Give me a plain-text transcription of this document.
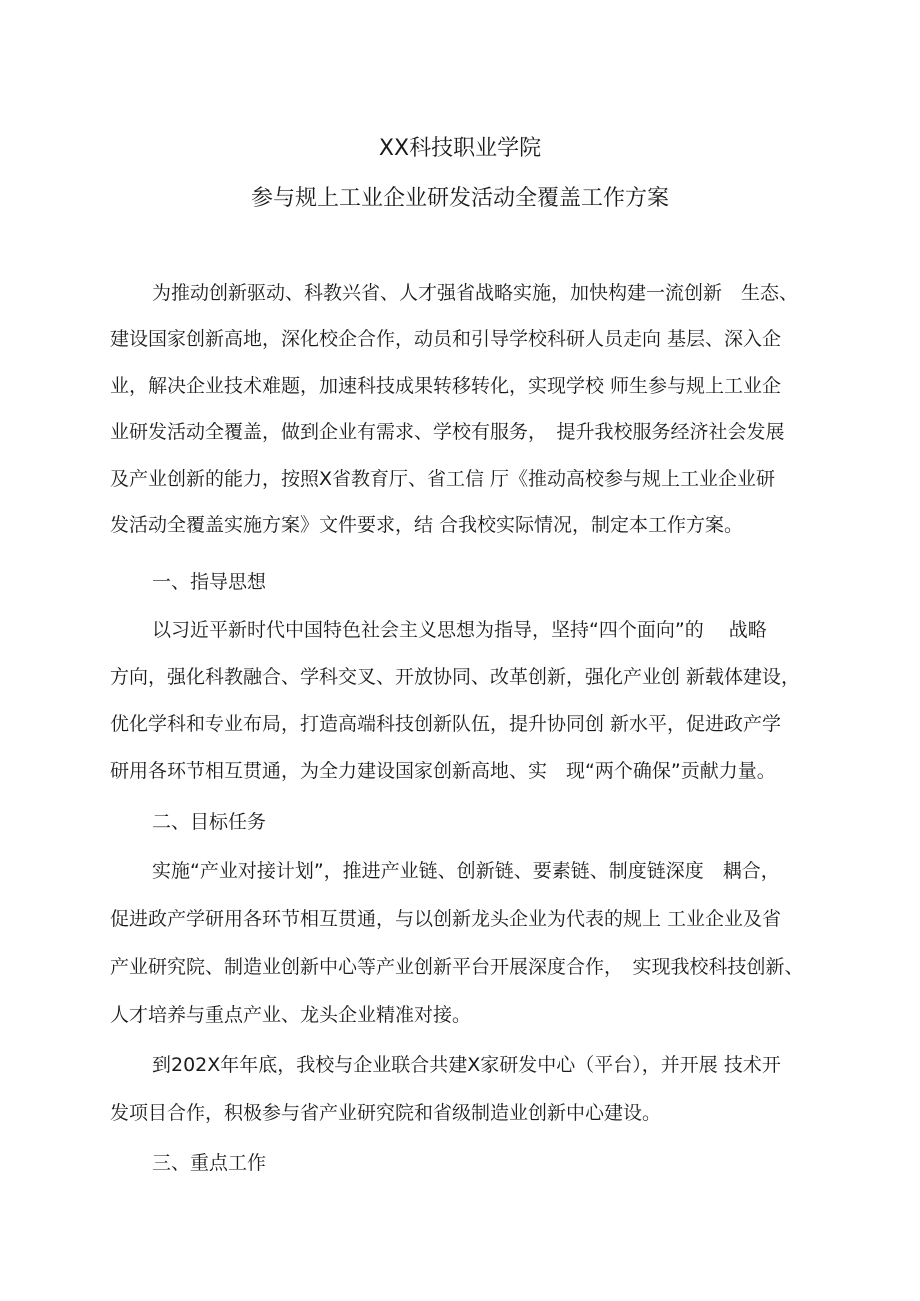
XX科技职业学院
参与规上工业企业研发活动全覆盖工作方案
为推动创新驱动、科教兴省、人才强省战略实施，加快构建一流创新　生态、
建设国家创新高地，深化校企合作，动员和引导学校科研人员走向 基层、深入企
业，解决企业技术难题，加速科技成果转移转化，实现学校 师生参与规上工业企
业研发活动全覆盖，做到企业有需求、学校有服务，　提升我校服务经济社会发展
及产业创新的能力，按照X省教育厅、省工信 厅《推动高校参与规上工业企业研
发活动全覆盖实施方案》文件要求，结 合我校实际情况，制定本工作方案。
一、指导思想
以习近平新时代中国特色社会主义思想为指导，坚持“四个面向”的　 战略
方向，强化科教融合、学科交叉、开放协同、改革创新，强化产业创 新载体建设，
优化学科和专业布局，打造高端科技创新队伍，提升协同创 新水平，促进政产学
研用各环节相互贯通，为全力建设国家创新高地、实　现“两个确保”贡献力量。
二、目标任务
实施“产业对接计划”，推进产业链、创新链、要素链、制度链深度　耦合，
促进政产学研用各环节相互贯通，与以创新龙头企业为代表的规上 工业企业及省
产业研究院、制造业创新中心等产业创新平台开展深度合作，　实现我校科技创新、
人才培养与重点产业、龙头企业精准对接。
到202X年年底，我校与企业联合共建X家研发中心（平台），并开展 技术开
发项目合作，积极参与省产业研究院和省级制造业创新中心建设。
三、重点工作
